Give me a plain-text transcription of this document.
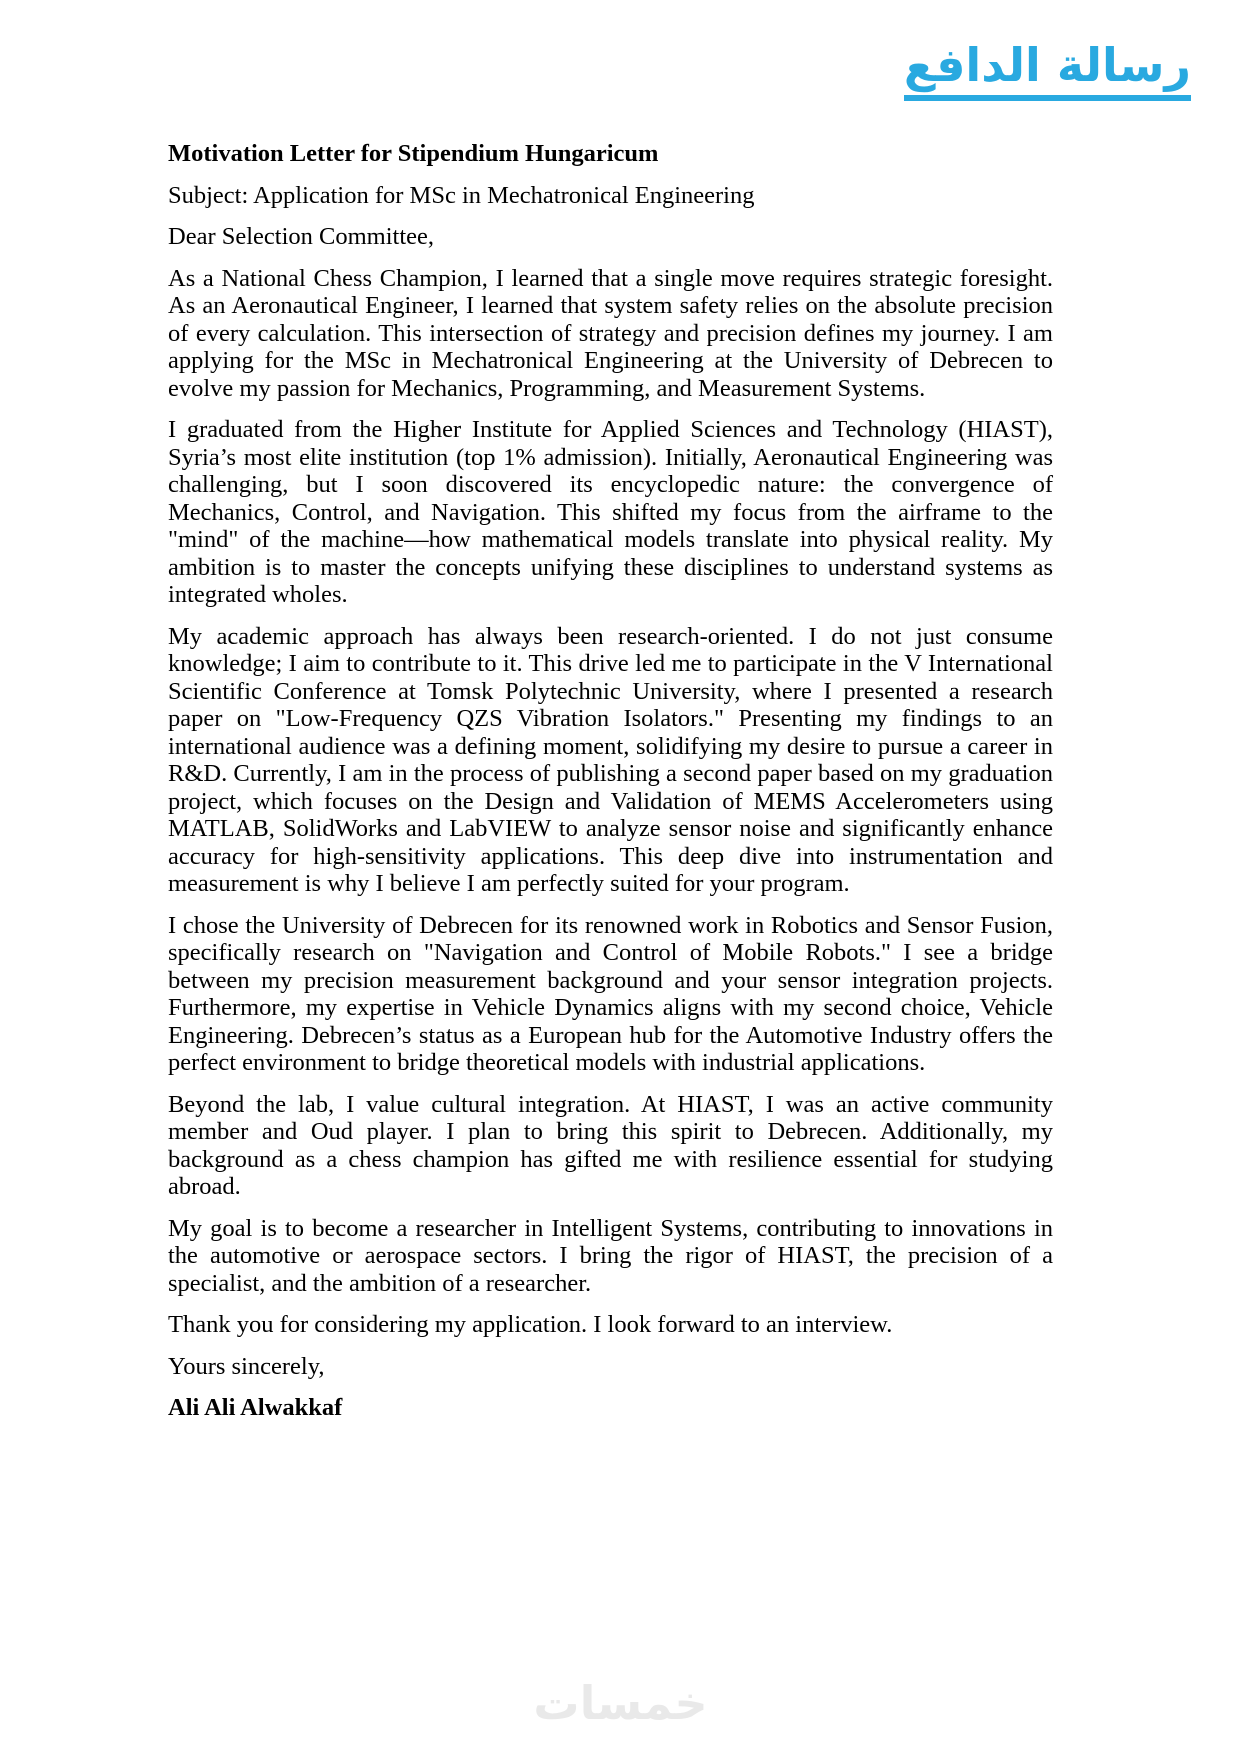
رسالة الدافع
Motivation Letter for Stipendium Hungaricum

Subject: Application for MSc in Mechatronical Engineering

Dear Selection Committee,

As a National Chess Champion, I learned that a single move requires strategic foresight. As an Aeronautical Engineer, I learned that system safety relies on the absolute precision of every calculation. This intersection of strategy and precision defines my journey. I am applying for the MSc in Mechatronical Engineering at the University of Debrecen to evolve my passion for Mechanics, Programming, and Measurement Systems.

I graduated from the Higher Institute for Applied Sciences and Technology (HIAST), Syria’s most elite institution (top 1% admission). Initially, Aeronautical Engineering was challenging, but I soon discovered its encyclopedic nature: the convergence of Mechanics, Control, and Navigation. This shifted my focus from the airframe to the "mind" of the machine—how mathematical models translate into physical reality. My ambition is to master the concepts unifying these disciplines to understand systems as integrated wholes.

My academic approach has always been research-oriented. I do not just consume knowledge; I aim to contribute to it. This drive led me to participate in the V International Scientific Conference at Tomsk Polytechnic University, where I presented a research paper on "Low-Frequency QZS Vibration Isolators." Presenting my findings to an international audience was a defining moment, solidifying my desire to pursue a career in R&D. Currently, I am in the process of publishing a second paper based on my graduation project, which focuses on the Design and Validation of MEMS Accelerometers using MATLAB, SolidWorks and LabVIEW to analyze sensor noise and significantly enhance accuracy for high-sensitivity applications. This deep dive into instrumentation and measurement is why I believe I am perfectly suited for your program.

I chose the University of Debrecen for its renowned work in Robotics and Sensor Fusion, specifically research on "Navigation and Control of Mobile Robots." I see a bridge between my precision measurement background and your sensor integration projects. Furthermore, my expertise in Vehicle Dynamics aligns with my second choice, Vehicle Engineering. Debrecen’s status as a European hub for the Automotive Industry offers the perfect environment to bridge theoretical models with industrial applications.

Beyond the lab, I value cultural integration. At HIAST, I was an active community member and Oud player. I plan to bring this spirit to Debrecen. Additionally, my background as a chess champion has gifted me with resilience essential for studying abroad.

My goal is to become a researcher in Intelligent Systems, contributing to innovations in the automotive or aerospace sectors. I bring the rigor of HIAST, the precision of a specialist, and the ambition of a researcher.

Thank you for considering my application. I look forward to an interview.

Yours sincerely,

Ali Ali Alwakkaf

خمسات
